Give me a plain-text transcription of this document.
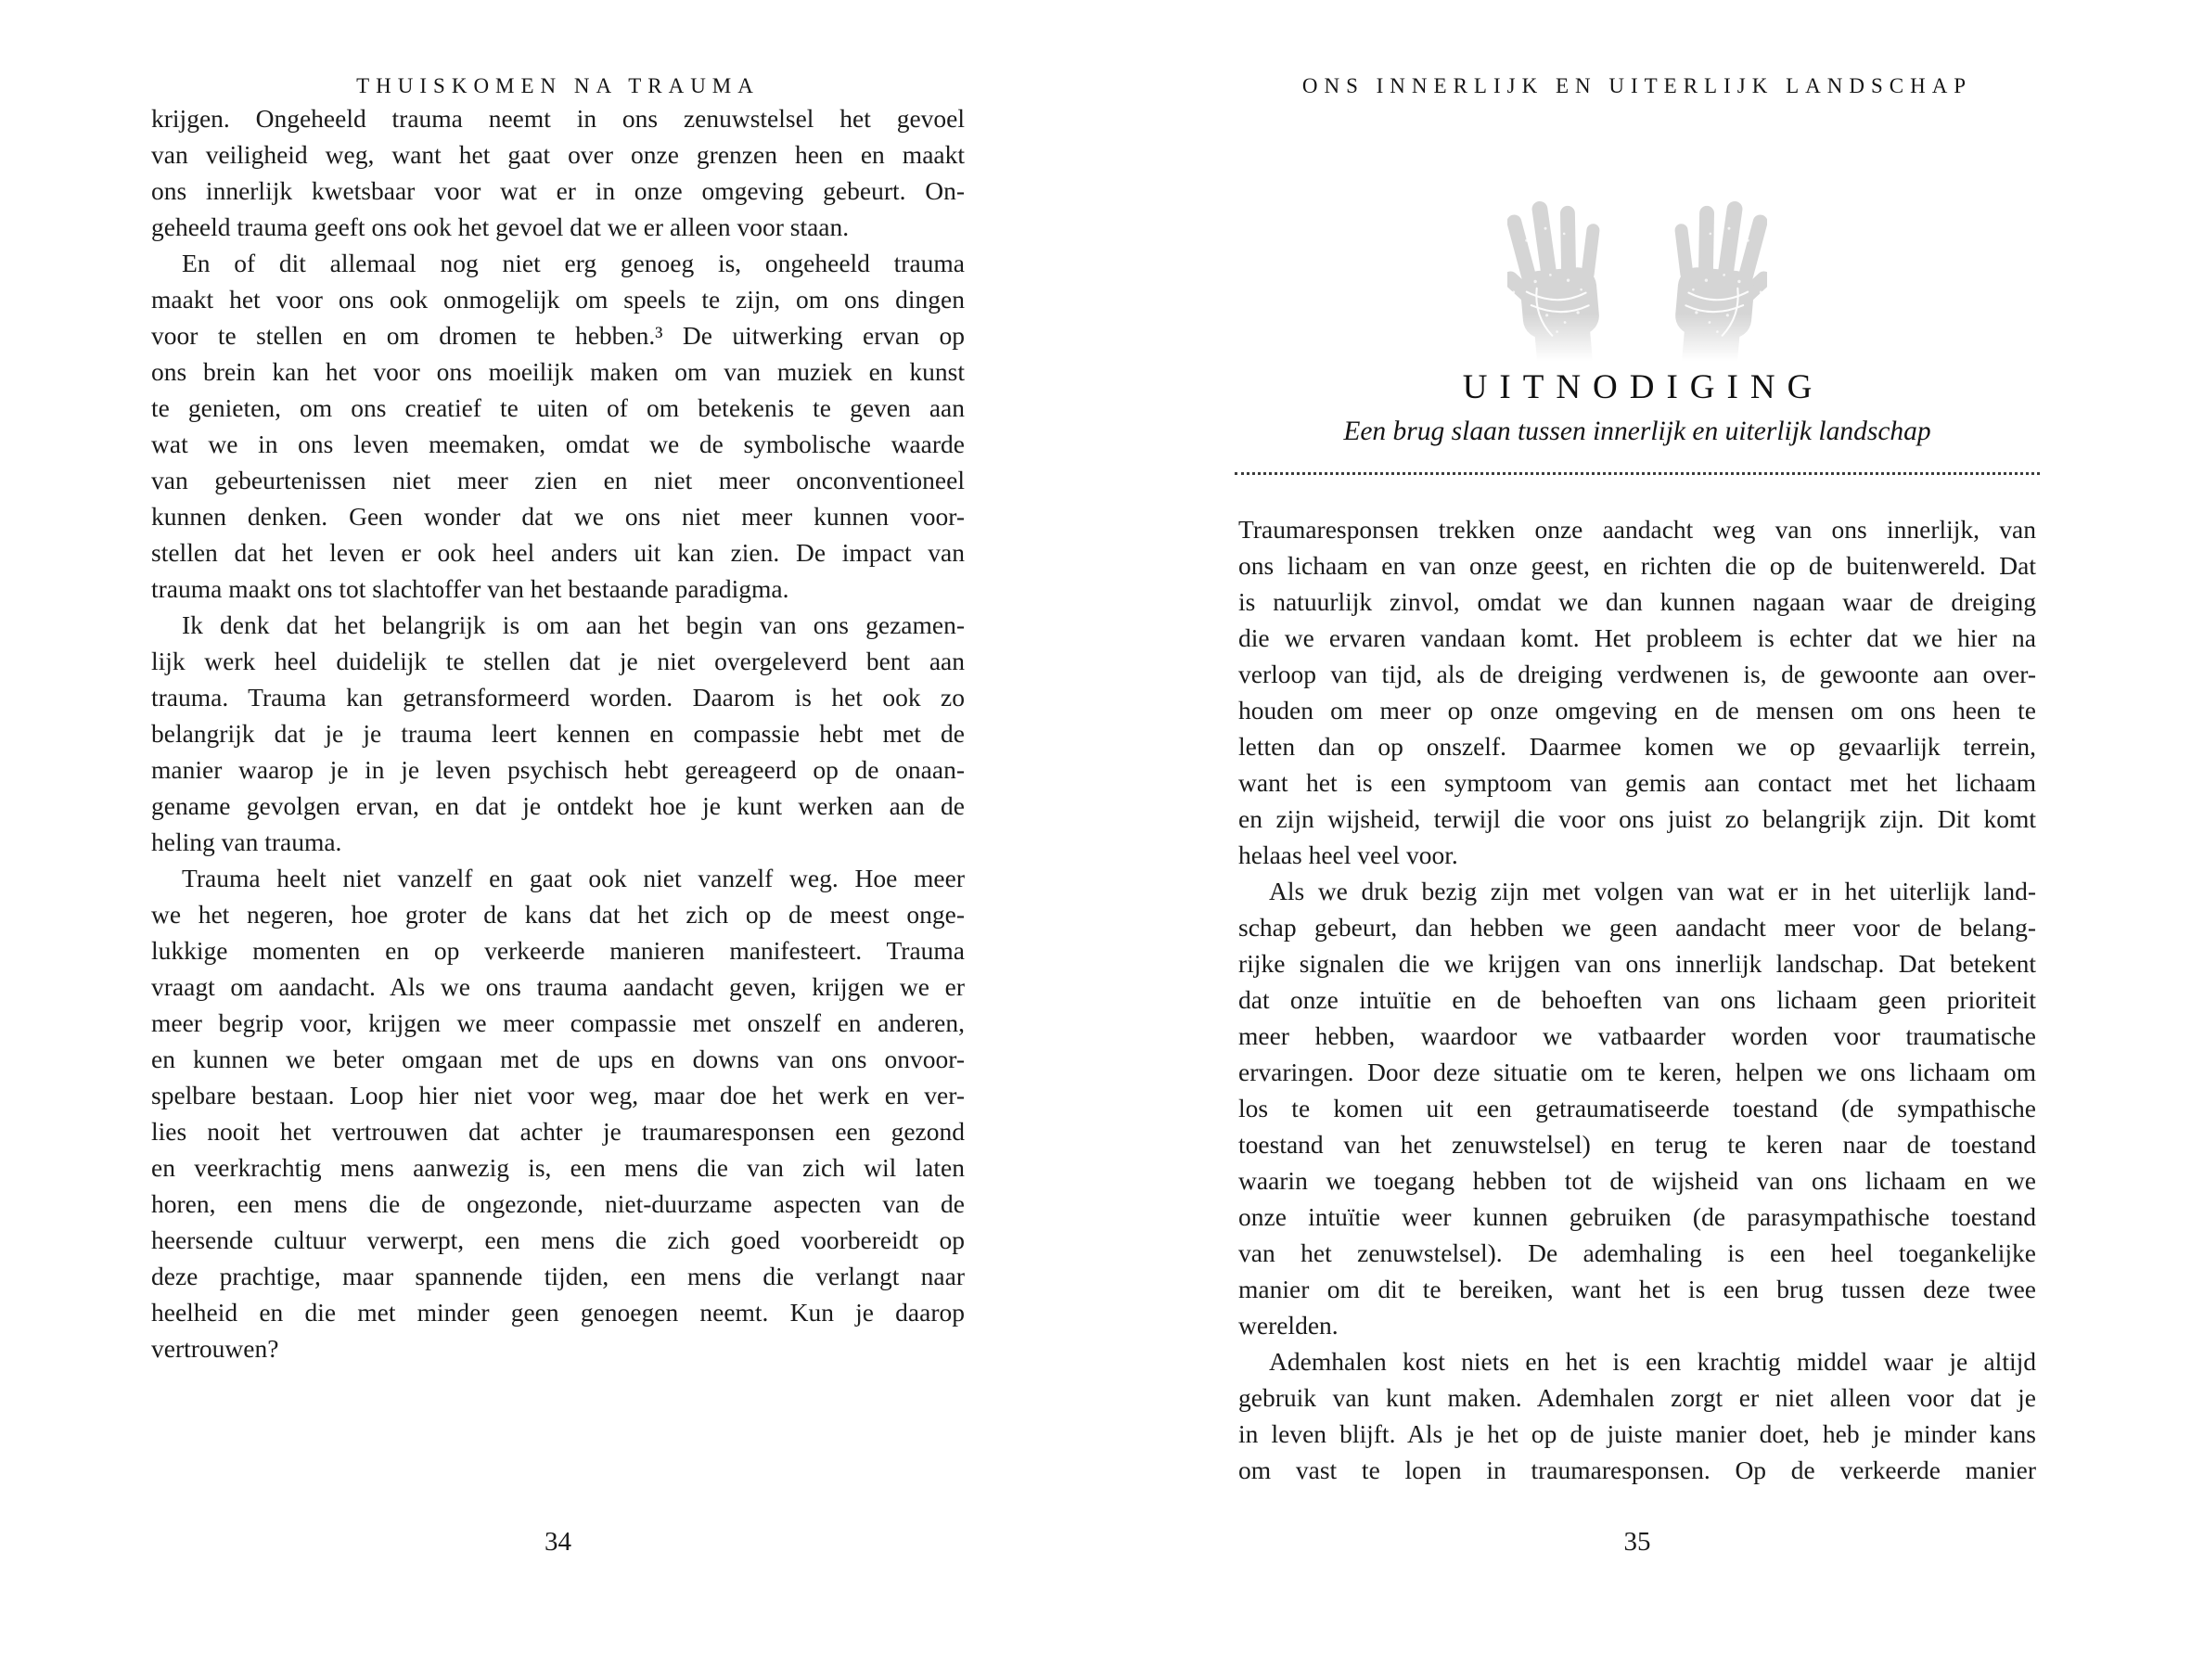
THUISKOMEN NA TRAUMA
krijgen. Ongeheeld trauma neemt in ons zenuwstelsel het gevoel
van veiligheid weg, want het gaat over onze grenzen heen en maakt
ons innerlijk kwetsbaar voor wat er in onze omgeving gebeurt. On-
geheeld trauma geeft ons ook het gevoel dat we er alleen voor staan.
En of dit allemaal nog niet erg genoeg is, ongeheeld trauma
maakt het voor ons ook onmogelijk om speels te zijn, om ons dingen
voor te stellen en om dromen te hebben.³ De uitwerking ervan op
ons brein kan het voor ons moeilijk maken om van muziek en kunst
te genieten, om ons creatief te uiten of om betekenis te geven aan
wat we in ons leven meemaken, omdat we de symbolische waarde
van gebeurtenissen niet meer zien en niet meer onconventioneel
kunnen denken. Geen wonder dat we ons niet meer kunnen voor-
stellen dat het leven er ook heel anders uit kan zien. De impact van
trauma maakt ons tot slachtoffer van het bestaande paradigma.
Ik denk dat het belangrijk is om aan het begin van ons gezamen-
lijk werk heel duidelijk te stellen dat je niet overgeleverd bent aan
trauma. Trauma kan getransformeerd worden. Daarom is het ook zo
belangrijk dat je je trauma leert kennen en compassie hebt met de
manier waarop je in je leven psychisch hebt gereageerd op de onaan-
gename gevolgen ervan, en dat je ontdekt hoe je kunt werken aan de
heling van trauma.
Trauma heelt niet vanzelf en gaat ook niet vanzelf weg. Hoe meer
we het negeren, hoe groter de kans dat het zich op de meest onge-
lukkige momenten en op verkeerde manieren manifesteert. Trauma
vraagt om aandacht. Als we ons trauma aandacht geven, krijgen we er
meer begrip voor, krijgen we meer compassie met onszelf en anderen,
en kunnen we beter omgaan met de ups en downs van ons onvoor-
spelbare bestaan. Loop hier niet voor weg, maar doe het werk en ver-
lies nooit het vertrouwen dat achter je traumaresponsen een gezond
en veerkrachtig mens aanwezig is, een mens die van zich wil laten
horen, een mens die de ongezonde, niet-duurzame aspecten van de
heersende cultuur verwerpt, een mens die zich goed voorbereidt op
deze prachtige, maar spannende tijden, een mens die verlangt naar
heelheid en die met minder geen genoegen neemt. Kun je daarop
vertrouwen?
34
ONS INNERLIJK EN UITERLIJK LANDSCHAP
UITNODIGING
Een brug slaan tussen innerlijk en uiterlijk landschap
Traumaresponsen trekken onze aandacht weg van ons innerlijk, van
ons lichaam en van onze geest, en richten die op de buitenwereld. Dat
is natuurlijk zinvol, omdat we dan kunnen nagaan waar de dreiging
die we ervaren vandaan komt. Het probleem is echter dat we hier na
verloop van tijd, als de dreiging verdwenen is, de gewoonte aan over-
houden om meer op onze omgeving en de mensen om ons heen te
letten dan op onszelf. Daarmee komen we op gevaarlijk terrein,
want het is een symptoom van gemis aan contact met het lichaam
en zijn wijsheid, terwijl die voor ons juist zo belangrijk zijn. Dit komt
helaas heel veel voor.
Als we druk bezig zijn met volgen van wat er in het uiterlijk land-
schap gebeurt, dan hebben we geen aandacht meer voor de belang-
rijke signalen die we krijgen van ons innerlijk landschap. Dat betekent
dat onze intuïtie en de behoeften van ons lichaam geen prioriteit
meer hebben, waardoor we vatbaarder worden voor traumatische
ervaringen. Door deze situatie om te keren, helpen we ons lichaam om
los te komen uit een getraumatiseerde toestand (de sympathische
toestand van het zenuwstelsel) en terug te keren naar de toestand
waarin we toegang hebben tot de wijsheid van ons lichaam en we
onze intuïtie weer kunnen gebruiken (de parasympathische toestand
van het zenuwstelsel). De ademhaling is een heel toegankelijke
manier om dit te bereiken, want het is een brug tussen deze twee
werelden.
Ademhalen kost niets en het is een krachtig middel waar je altijd
gebruik van kunt maken. Ademhalen zorgt er niet alleen voor dat je
in leven blijft. Als je het op de juiste manier doet, heb je minder kans
om vast te lopen in traumaresponsen. Op de verkeerde manier
35
